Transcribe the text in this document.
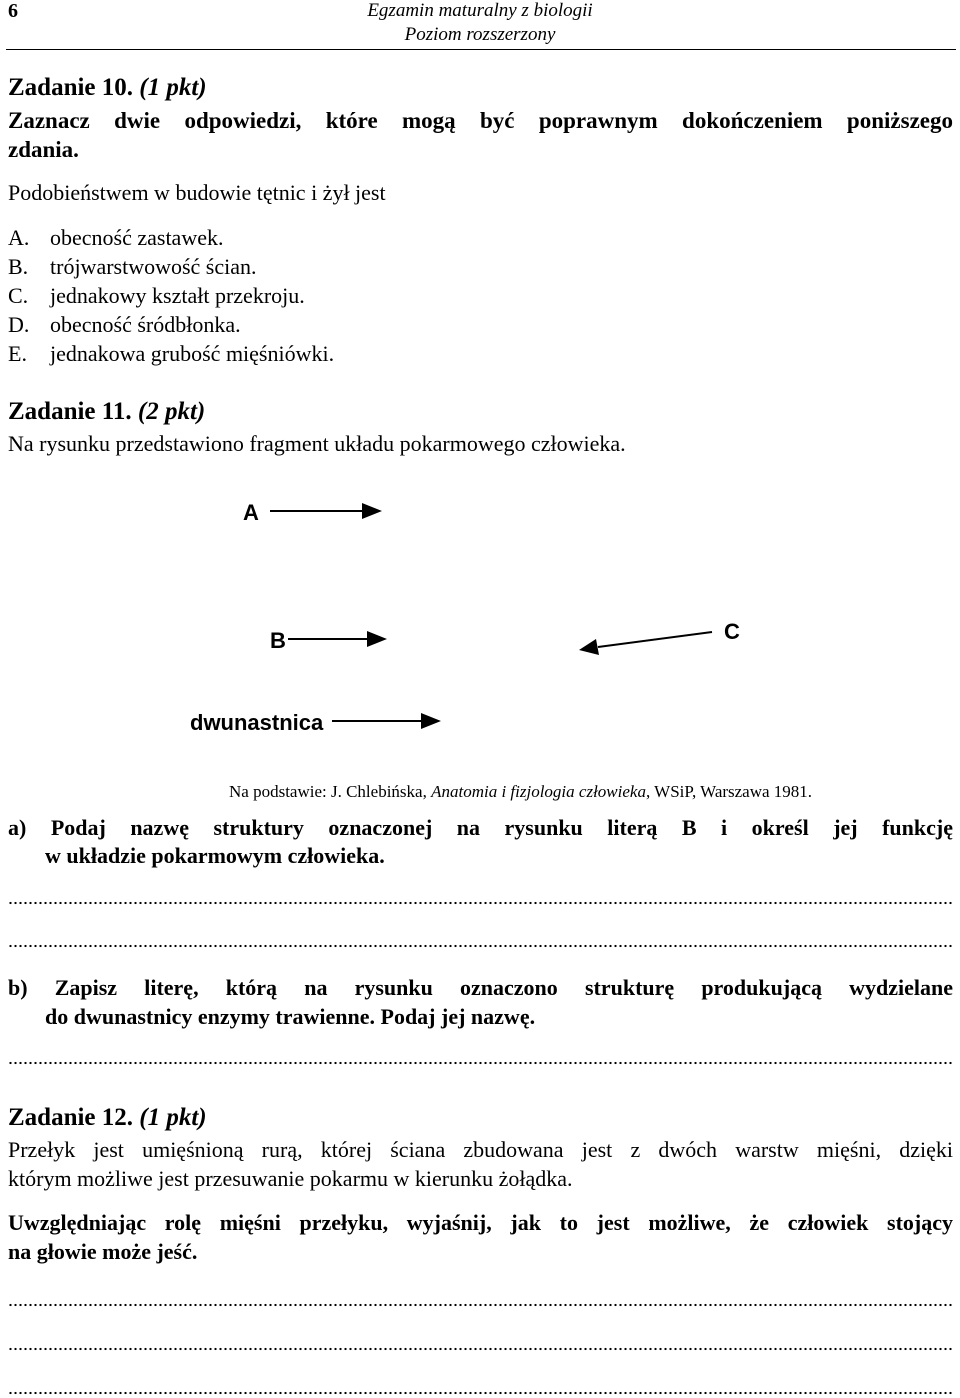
6	Egzamin maturalny z biologii
Poziom rozszerzony
Zadanie 10. (1 pkt)
Zaznacz dwie odpowiedzi, które mogą być poprawnym dokończeniem poniższego
zdania.
Podobieństwem w budowie tętnic i żył jest
A. obecność zastawek.
B. trójwarstwowość ścian.
C. jednakowy kształt przekroju.
D. obecność śródbłonka.
E. jednakowa grubość mięśniówki.
Zadanie 11. (2 pkt)
Na rysunku przedstawiono fragment układu pokarmowego człowieka.
A
B	C
dwunastnica
Na podstawie: J. Chlebińska, Anatomia i fizjologia człowieka, WSiP, Warszawa 1981.
a) Podaj nazwę struktury oznaczonej na rysunku literą B i określ jej funkcję
w układzie pokarmowym człowieka.
b) Zapisz literę, którą na rysunku oznaczono strukturę produkującą wydzielane
do dwunastnicy enzymy trawienne. Podaj jej nazwę.
Zadanie 12. (1 pkt)
Przełyk jest umięśnioną rurą, której ściana zbudowana jest z dwóch warstw mięśni, dzięki
którym możliwe jest przesuwanie pokarmu w kierunku żołądka.
Uwzględniając rolę mięśni przełyku, wyjaśnij, jak to jest możliwe, że człowiek stojący
na głowie może jeść.
